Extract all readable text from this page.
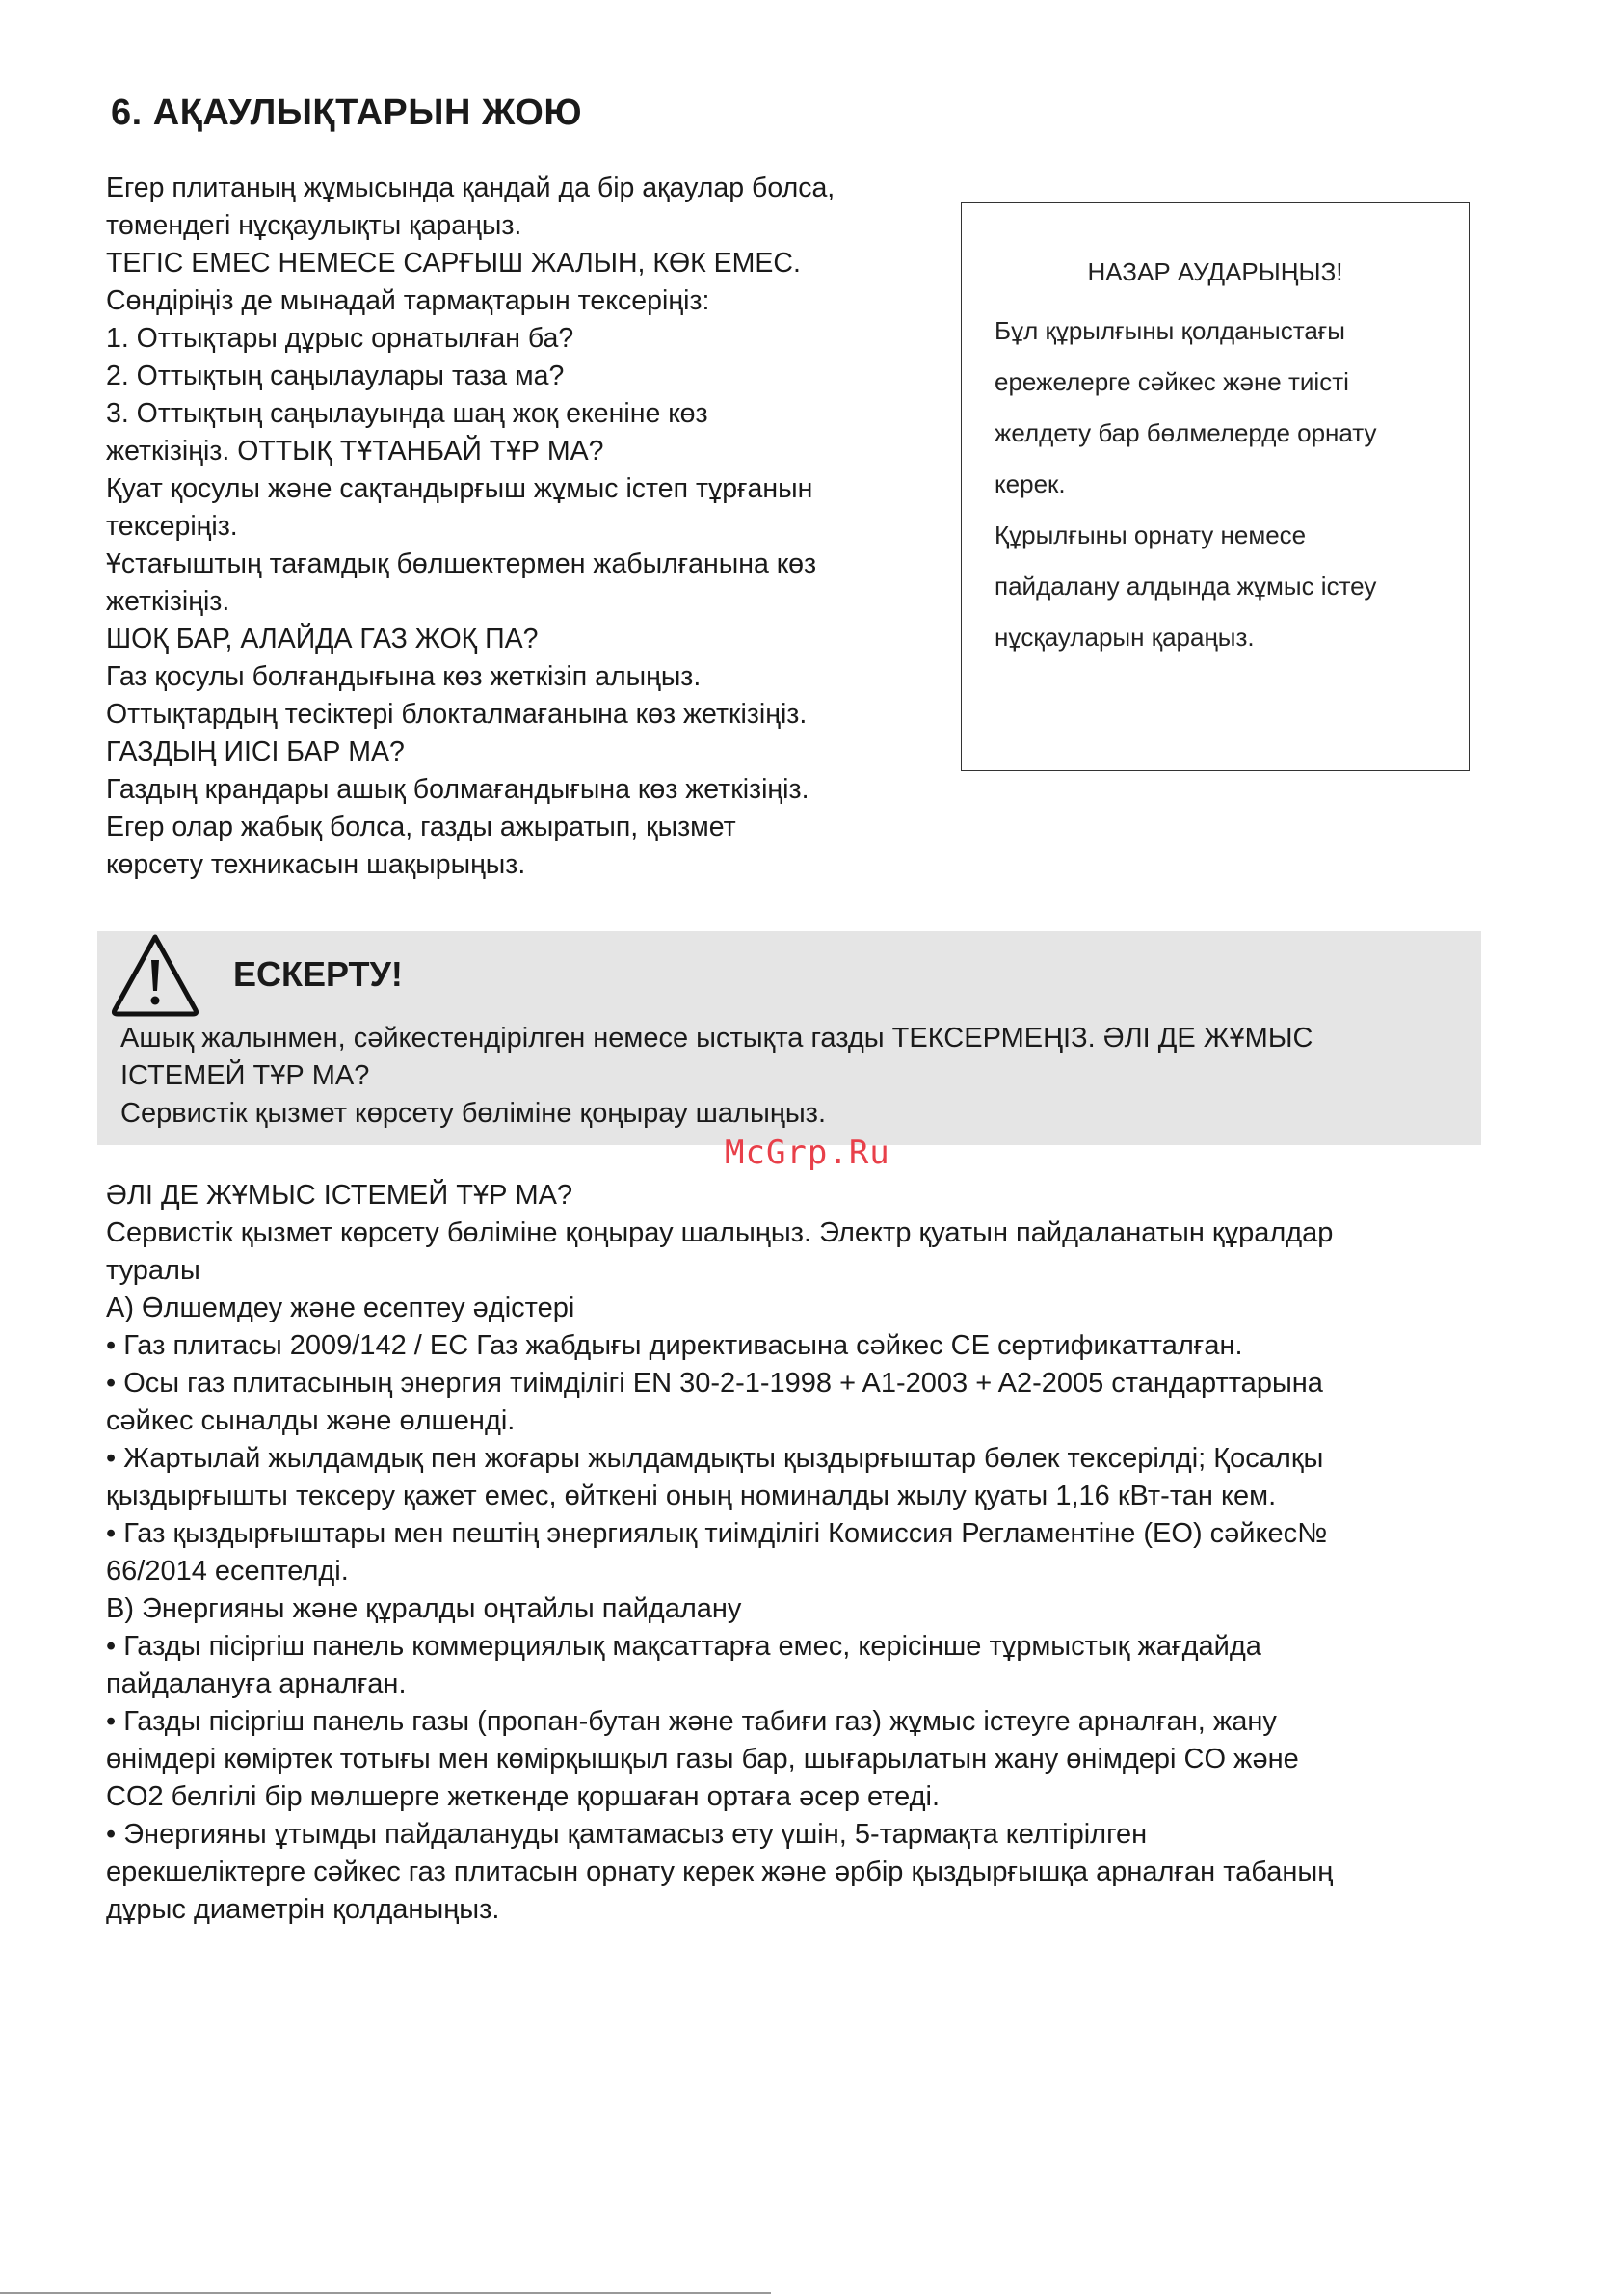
6. АҚАУЛЫҚТАРЫН ЖОЮ
Егер плитаның жұмысында қандай да бір ақаулар болса,
төмендегі нұсқаулықты қараңыз.
ТЕГІС ЕМЕС НЕМЕСЕ САРҒЫШ ЖАЛЫН, КӨК ЕМЕС.
Сөндіріңіз де мынадай тармақтарын тексеріңіз:
1. Оттықтары дұрыс орнатылған ба?
2. Оттықтың саңылаулары таза ма?
3. Оттықтың саңылауында шаң жоқ екеніне көз
жеткізіңіз. ОТТЫҚ ТҰТАНБАЙ ТҰР МА?
Қуат қосулы және сақтандырғыш жұмыс істеп тұрғанын
тексеріңіз.
Ұстағыштың тағамдық бөлшектермен жабылғанына көз
жеткізіңіз.
ШОҚ БАР, АЛАЙДА ГАЗ ЖОҚ ПА?
Газ қосулы болғандығына көз жеткізіп алыңыз.
Оттықтардың тесіктері блокталмағанына көз жеткізіңіз.
ГАЗДЫҢ ИІСІ БАР МА?
Газдың крандары ашық болмағандығына көз жеткізіңіз.
Егер олар жабық болса, газды ажыратып, қызмет
көрсету техникасын шақырыңыз.
НАЗАР АУДАРЫҢЫЗ!
Бұл құрылғыны қолданыстағы
ережелерге сәйкес және тиісті
желдету бар бөлмелерде орнату
керек.
Құрылғыны орнату немесе
пайдалану алдында жұмыс істеу
нұсқауларын қараңыз.
ЕСКЕРТУ!
Ашық жалынмен, сәйкестендірілген немесе ыстықта газды ТЕКСЕРМЕҢІЗ. ӘЛІ ДЕ ЖҰМЫС
ІСТЕМЕЙ ТҰР МА?
Сервистік қызмет көрсету бөліміне қоңырау шалыңыз.
McGrp.Ru
ӘЛІ ДЕ ЖҰМЫС ІСТЕМЕЙ ТҰР МА?
Сервистік қызмет көрсету бөліміне қоңырау шалыңыз. Электр қуатын пайдаланатын құралдар
туралы
A) Өлшемдеу және есептеу әдістері
• Газ плитасы 2009/142 / ЕС Газ жабдығы директивасына сәйкес CE сертификатталған.
• Осы газ плитасының энергия тиімділігі EN 30-2-1-1998 + A1-2003 + A2-2005 стандарттарына
сәйкес сыналды және өлшенді.
• Жартылай жылдамдық пен жоғары жылдамдықты қыздырғыштар бөлек тексерілді; Қосалқы
қыздырғышты тексеру қажет емес, өйткені оның номиналды жылу қуаты 1,16 кВт-тан кем.
• Газ қыздырғыштары мен пештің энергиялық тиімділігі Комиссия Регламентіне (ЕО) сәйкес№
66/2014 есептелді.
B) Энергияны және құралды оңтайлы пайдалану
• Газды пісіргіш панель коммерциялық мақсаттарға емес, керісінше тұрмыстық жағдайда
пайдалануға арналған.
• Газды пісіргіш панель газы (пропан-бутан және табиғи газ) жұмыс істеуге арналған, жану
өнімдері көміртек тотығы мен көмірқышқыл газы бар, шығарылатын жану өнімдері CO және
CO2 белгілі бір мөлшерге жеткенде қоршаған ортаға әсер етеді.
• Энергияны ұтымды пайдалануды қамтамасыз ету үшін, 5-тармақта келтірілген
ерекшеліктерге сәйкес газ плитасын орнату керек және әрбір қыздырғышқа арналған табаның
дұрыс диаметрін қолданыңыз.
